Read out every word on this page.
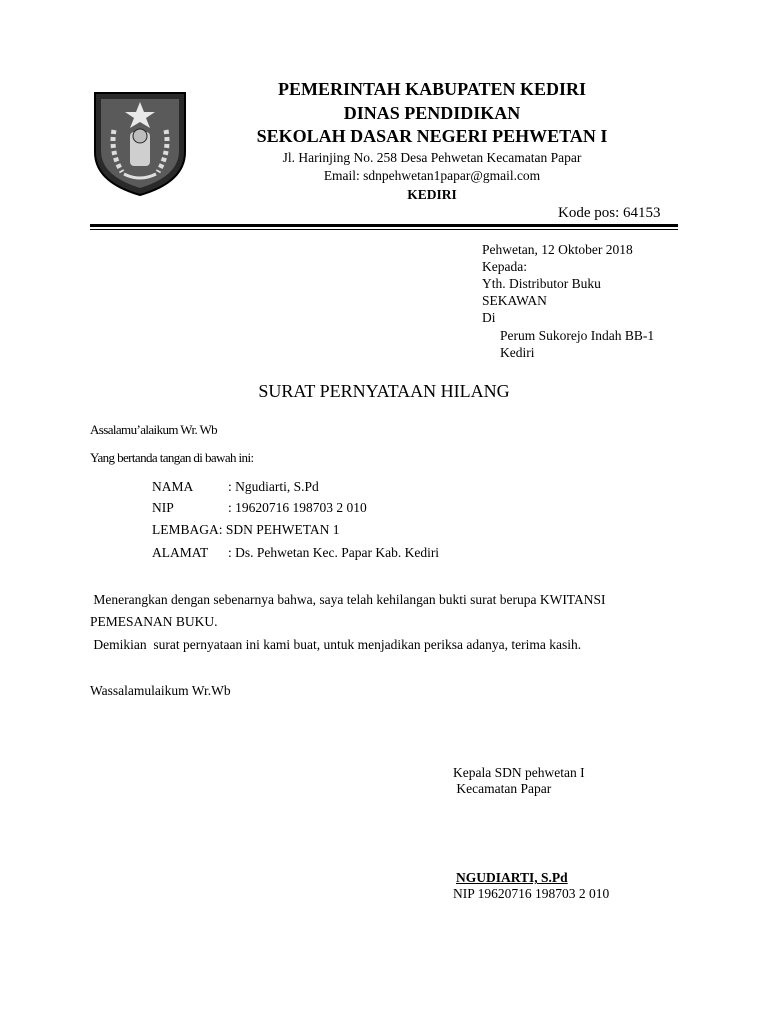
PEMERINTAH KABUPATEN KEDIRI
DINAS PENDIDIKAN
SEKOLAH DASAR NEGERI PEHWETAN I
Jl. Harinjing No. 258 Desa Pehwetan Kecamatan Papar
Email: sdnpehwetan1papar@gmail.com
KEDIRI
Kode pos: 64153
Pehwetan, 12 Oktober 2018
Kepada:
Yth. Distributor Buku
SEKAWAN
Di
Perum Sukorejo Indah BB-1
Kediri
SURAT PERNYATAAN HILANG
Assalamu’alaikum Wr. Wb
Yang bertanda tangan di bawah ini:
NAMA	: Ngudiarti, S.Pd
NIP	: 19620716 198703 2 010
LEMBAGA: SDN PEHWETAN 1
ALAMAT : Ds. Pehwetan Kec. Papar Kab. Kediri
Menerangkan dengan sebenarnya bahwa, saya telah kehilangan bukti surat berupa KWITANSI
PEMESANAN BUKU.
Demikian  surat pernyataan ini kami buat, untuk menjadikan periksa adanya, terima kasih.
Wassalamulaikum Wr.Wb
Kepala SDN pehwetan I
Kecamatan Papar
NGUDIARTI, S.Pd
NIP 19620716 198703 2 010
